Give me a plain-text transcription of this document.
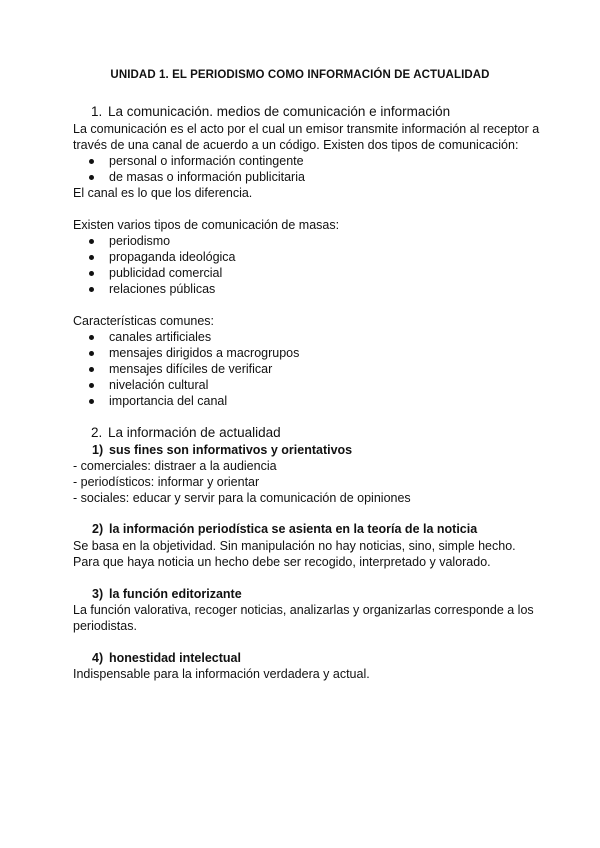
UNIDAD 1. EL PERIODISMO COMO INFORMACIÓN DE ACTUALIDAD
1. La comunicación. medios de comunicación e información
La comunicación es el acto por el cual un emisor transmite información al receptor a
través de una canal de acuerdo a un código. Existen dos tipos de comunicación:
personal o información contingente
de masas o información publicitaria
El canal es lo que los diferencia.
Existen varios tipos de comunicación de masas:
periodismo
propaganda ideológica
publicidad comercial
relaciones públicas
Características comunes:
canales artificiales
mensajes dirigidos a macrogrupos
mensajes difíciles de verificar
nivelación cultural
importancia del canal
2. La información de actualidad
1) sus fines son informativos y orientativos
- comerciales: distraer a la audiencia
- periodísticos: informar y orientar
- sociales: educar y servir para la comunicación de opiniones
2) la información periodística se asienta en la teoría de la noticia
Se basa en la objetividad. Sin manipulación no hay noticias, sino, simple hecho.
Para que haya noticia un hecho debe ser recogido, interpretado y valorado.
3) la función editorizante
La función valorativa, recoger noticias, analizarlas y organizarlas corresponde a los
periodistas.
4) honestidad intelectual
Indispensable para la información verdadera y actual.
